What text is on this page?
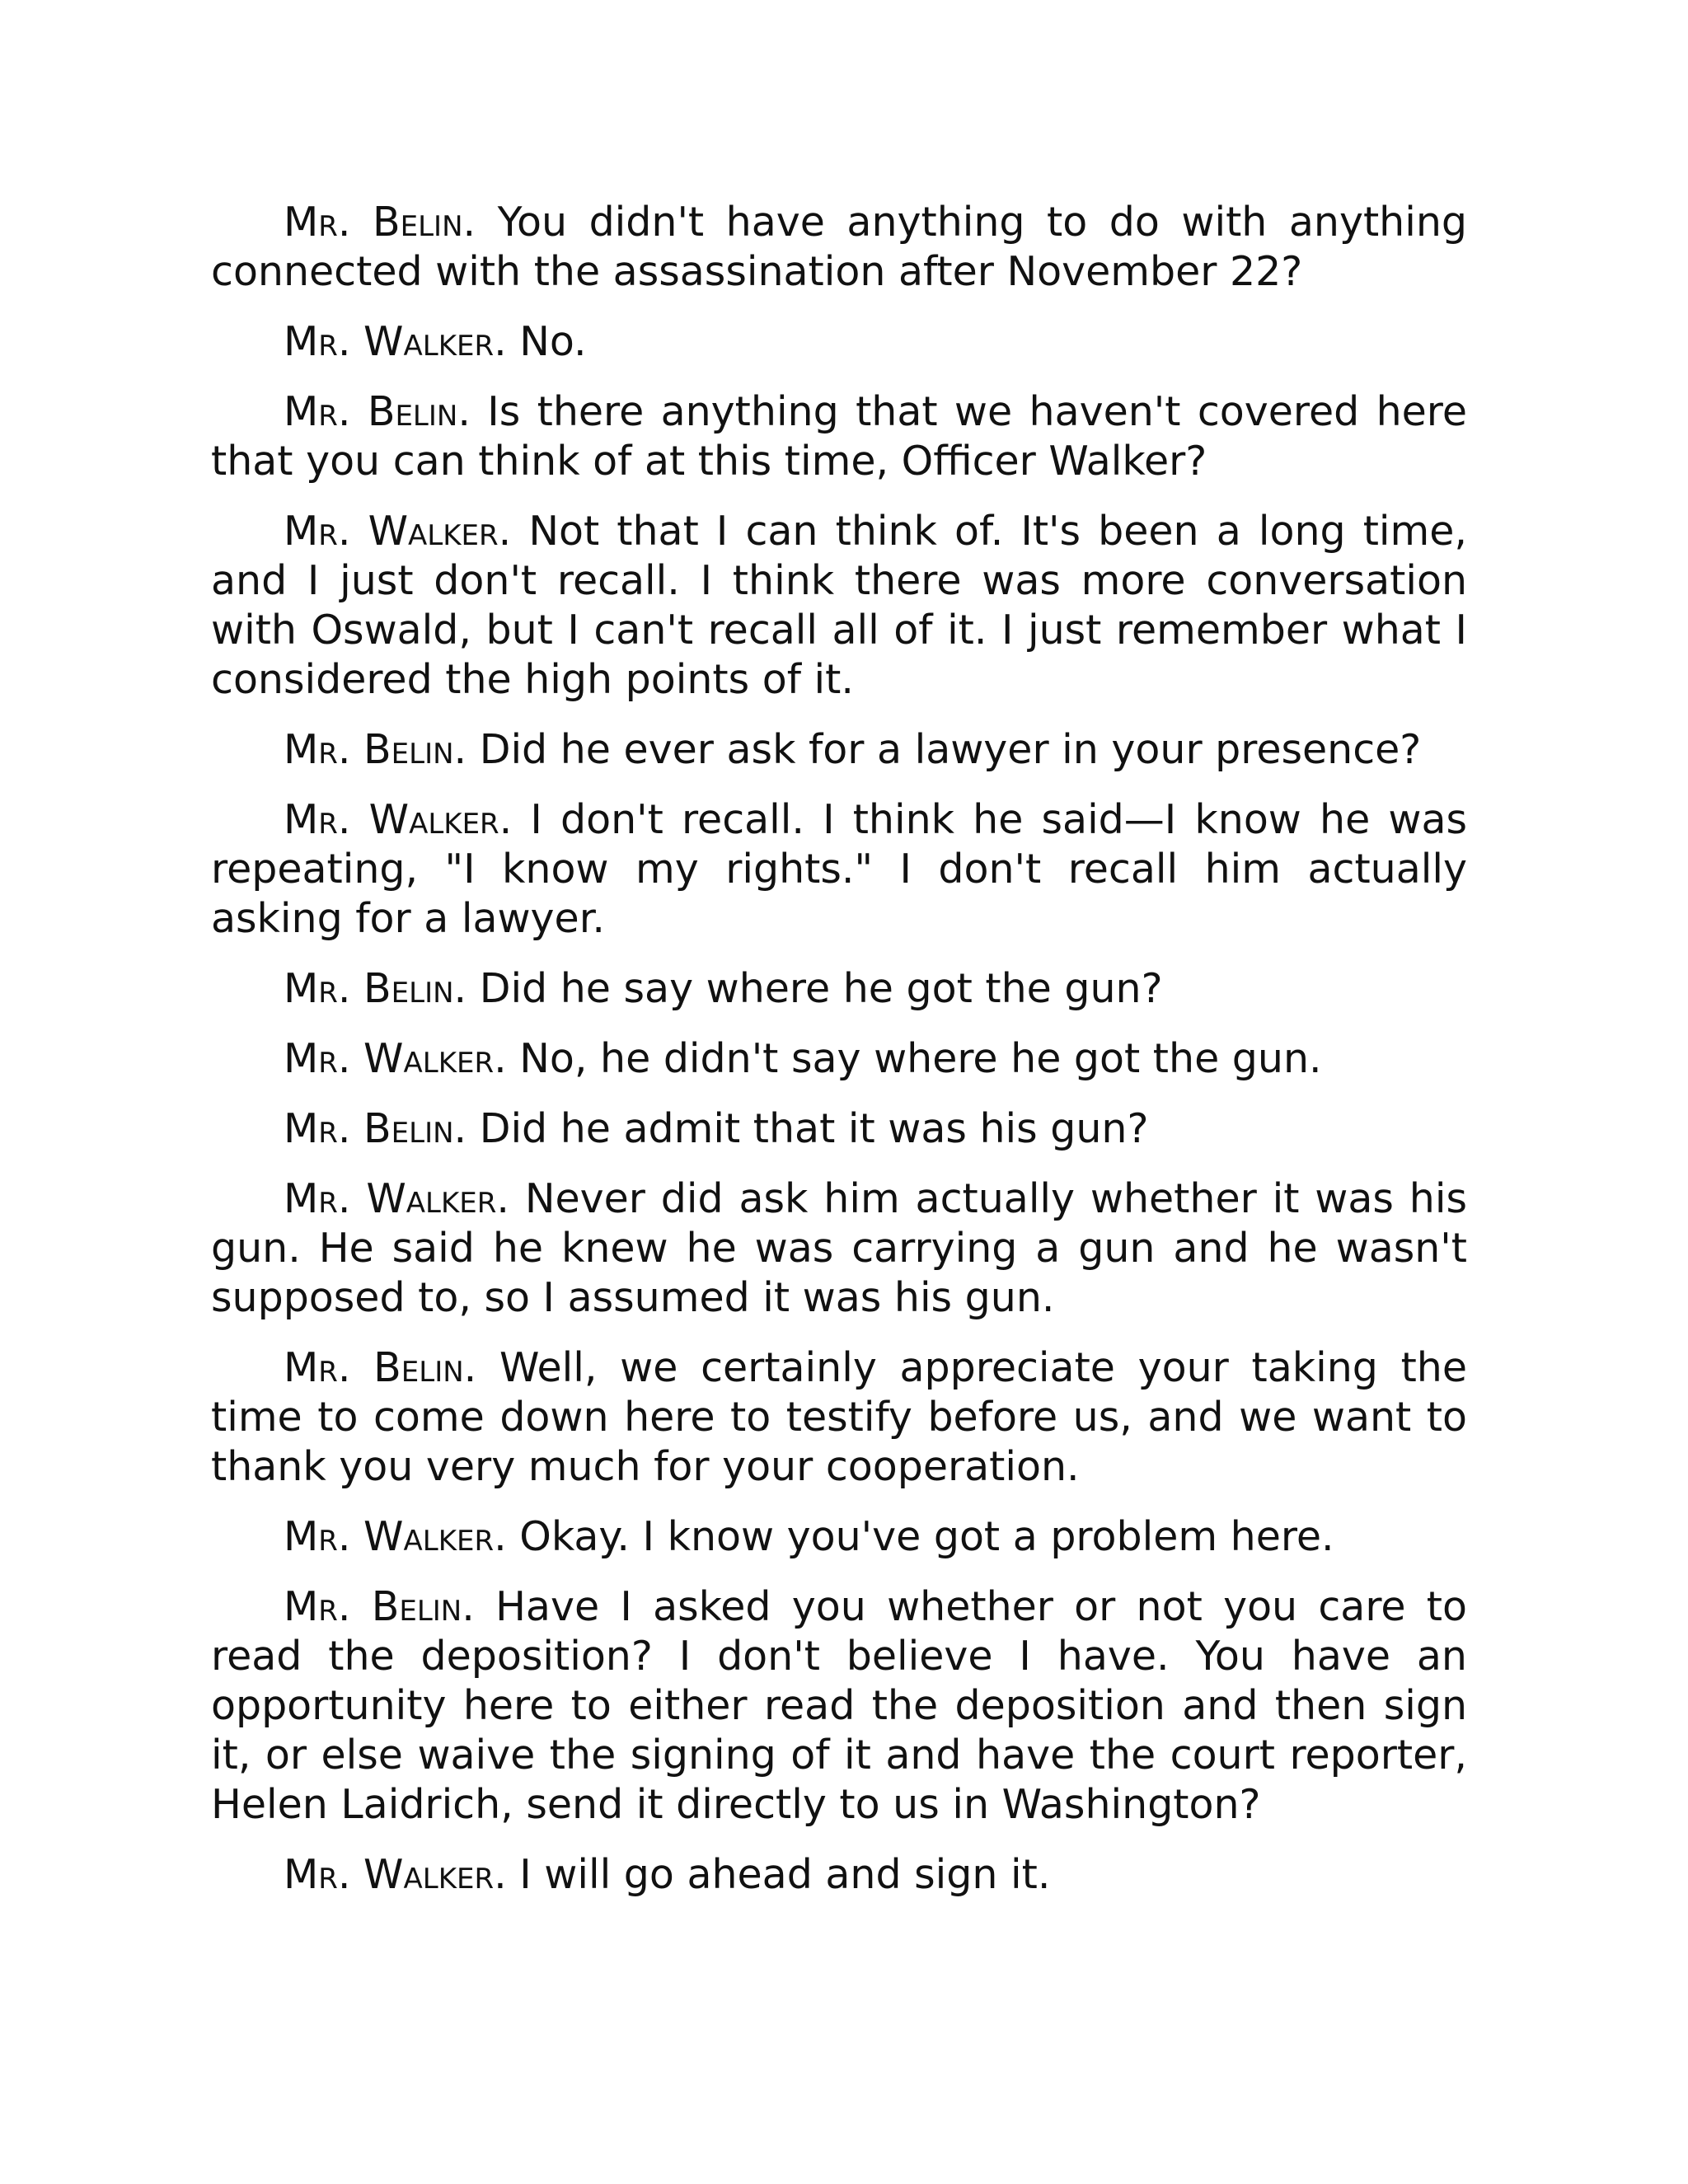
Mr. Belin. You didn't have anything to do with anything connected with the assassination after November 22?

Mr. Walker. No.

Mr. Belin. Is there anything that we haven't covered here that you can think of at this time, Officer Walker?

Mr. Walker. Not that I can think of. It's been a long time, and I just don't recall. I think there was more conversation with Oswald, but I can't recall all of it. I just remember what I considered the high points of it.

Mr. Belin. Did he ever ask for a lawyer in your presence?

Mr. Walker. I don't recall. I think he said—I know he was repeating, "I know my rights." I don't recall him actually asking for a lawyer.

Mr. Belin. Did he say where he got the gun?

Mr. Walker. No, he didn't say where he got the gun.

Mr. Belin. Did he admit that it was his gun?

Mr. Walker. Never did ask him actually whether it was his gun. He said he knew he was carrying a gun and he wasn't supposed to, so I assumed it was his gun.

Mr. Belin. Well, we certainly appreciate your taking the time to come down here to testify before us, and we want to thank you very much for your cooperation.

Mr. Walker. Okay. I know you've got a problem here.

Mr. Belin. Have I asked you whether or not you care to read the deposition? I don't believe I have. You have an opportunity here to either read the deposition and then sign it, or else waive the signing of it and have the court reporter, Helen Laidrich, send it directly to us in Washington?

Mr. Walker. I will go ahead and sign it.
